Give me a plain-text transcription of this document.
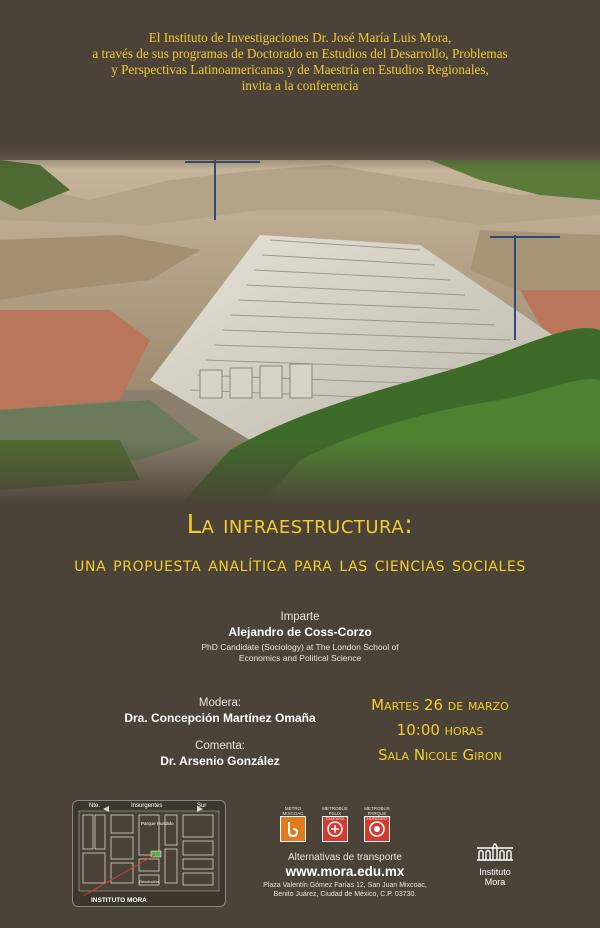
El Instituto de Investigaciones Dr. José María Luis Mora,
a través de sus programas de Doctorado en Estudios del Desarrollo, Problemas
y Perspectivas Latinoamericanas y de Maestría en Estudios Regionales,
invita a la conferencia
La infraestructura:
una propuesta analítica para las ciencias sociales
Imparte
Alejandro de Coss-Corzo
PhD Candidate (Sociology) at The London School of
Economics and Political Science
Modera:
Dra. Concepción Martínez Omaña
Comenta:
Dr. Arsenio González
Martes 26 de marzo
10:00 horas
Sala Nicole Giron
Nte.	Insurgentes	Sur
Parque Hundido
Revolución
INSTITUTO MORA
METRO MIXCOAC
METROBÚS FELIX
METROBÚS PARQUE
Alternativas de transporte
www.mora.edu.mx
Plaza Valentín Gómez Farías 12, San Juan Mixcoac,
Benito Juárez, Ciudad de México, C.P. 03730.
Instituto
Mora
